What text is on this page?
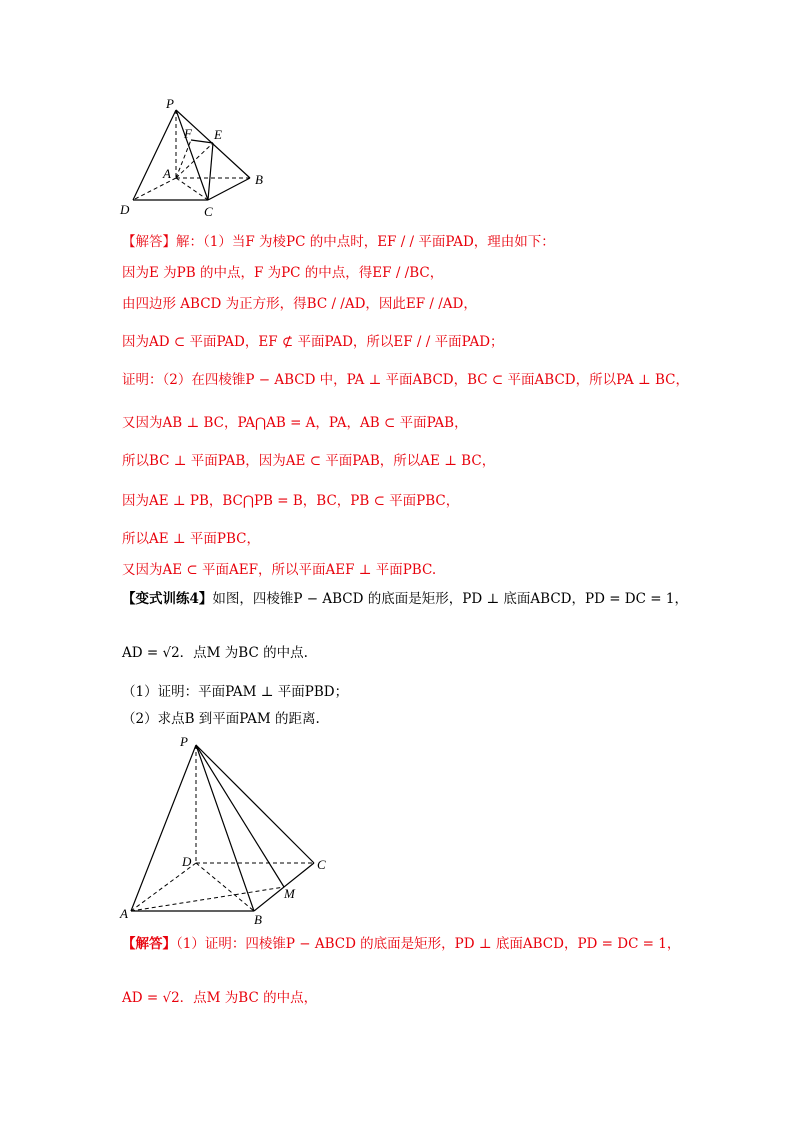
P
F E
A	B
D	C
【解答】解：（1）当F 为棱PC 的中点时，EF / / 平面PAD，理由如下：
因为E 为PB 的中点，F 为PC 的中点，得EF / /BC，
由四边形 ABCD 为正方形，得BC / /AD，因此EF / /AD，
因为AD ⊂ 平面PAD，EF ⊄ 平面PAD，所以EF / / 平面PAD；
证明：（2）在四棱锥P − ABCD 中，PA ⊥ 平面ABCD，BC ⊂ 平面ABCD，所以PA ⊥ BC，
又因为AB ⊥ BC，PA⋂AB = A，PA，AB ⊂ 平面PAB，
所以BC ⊥ 平面PAB，因为AE ⊂ 平面PAB，所以AE ⊥ BC，
因为AE ⊥ PB，BC⋂PB = B，BC，PB ⊂ 平面PBC，
所以AE ⊥ 平面PBC，
又因为AE ⊂ 平面AEF，所以平面AEF ⊥ 平面PBC.
【变式训练4】如图，四棱锥P − ABCD 的底面是矩形，PD ⊥ 底面ABCD，PD = DC = 1，
AD = √2．点M 为BC 的中点.
（1）证明：平面PAM ⊥ 平面PBD；
（2）求点B 到平面PAM 的距离.
P
D	C
M
A	B
【解答】（1）证明：四棱锥P − ABCD 的底面是矩形，PD ⊥ 底面ABCD，PD = DC = 1，
AD = √2．点M 为BC 的中点，
